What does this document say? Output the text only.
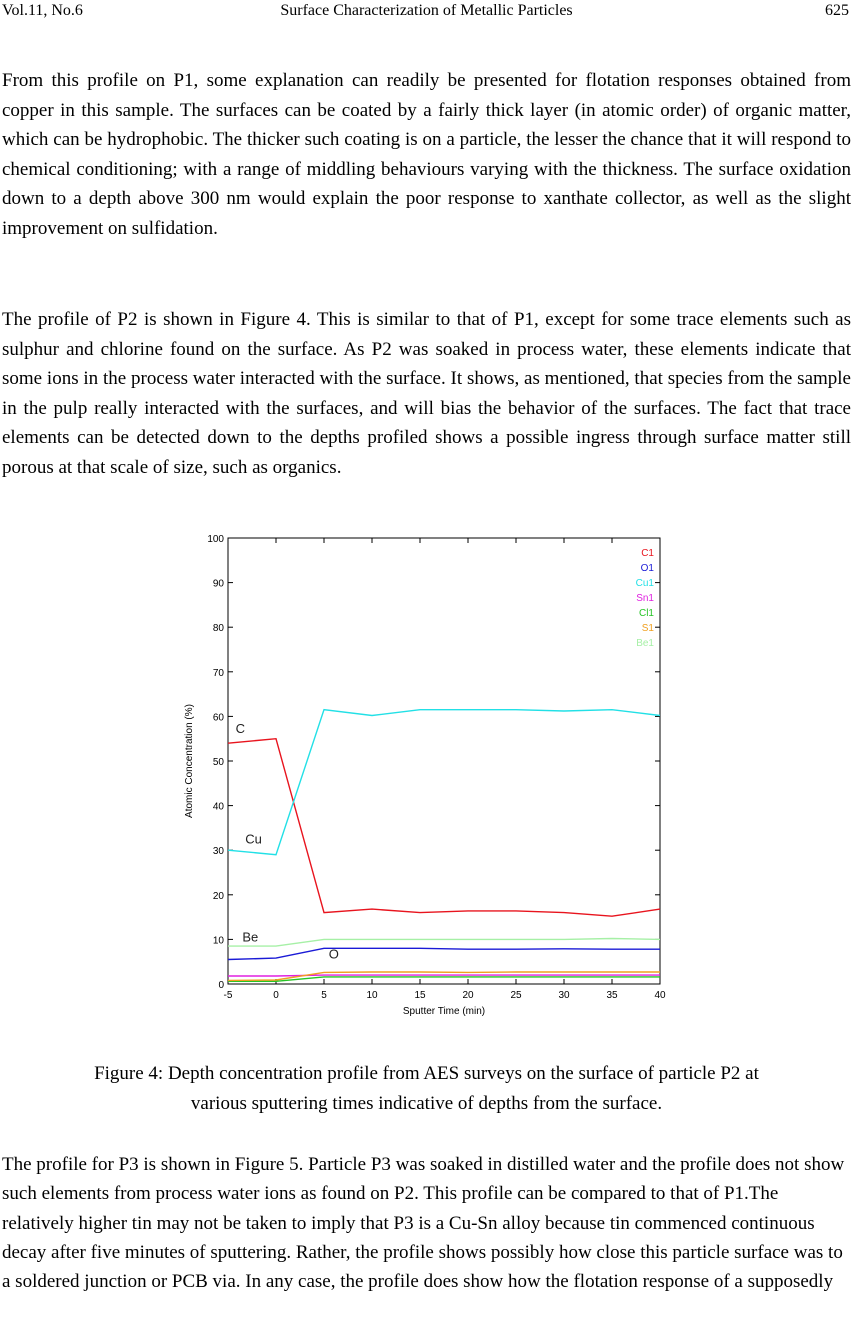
Vol.11, No.6	Surface Characterization of Metallic Particles	625

From this profile on P1, some explanation can readily be presented for flotation responses obtained from copper in this sample. The surfaces can be coated by a fairly thick layer (in atomic order) of organic matter, which can be hydrophobic. The thicker such coating is on a particle, the lesser the chance that it will respond to chemical conditioning; with a range of middling behaviours varying with the thickness. The surface oxidation down to a depth above 300 nm would explain the poor response to xanthate collector, as well as the slight improvement on sulfidation.

The profile of P2 is shown in Figure 4. This is similar to that of P1, except for some trace elements such as sulphur and chlorine found on the surface. As P2 was soaked in process water, these elements indicate that some ions in the process water interacted with the surface. It shows, as mentioned, that species from the sample in the pulp really interacted with the surfaces, and will bias the behavior of the surfaces. The fact that trace elements can be detected down to the depths profiled shows a possible ingress through surface matter still porous at that scale of size, such as organics.

0
10
20
30
40
50
60
70
80
90
100
-5	0	5	10	15	20	25	30	35	40
Sputter Time (min)
Atomic Concentration (%)
C1
O1
Cu1
Sn1
Cl1
S1
Be1
C
Cu
Be
O

Figure 4: Depth concentration profile from AES surveys on the surface of particle P2 at
various sputtering times indicative of depths from the surface.

The profile for P3 is shown in Figure 5. Particle P3 was soaked in distilled water and the profile does not show such elements from process water ions as found on P2. This profile can be compared to that of P1.The relatively higher tin may not be taken to imply that P3 is a Cu-Sn alloy because tin commenced continuous decay after five minutes of sputtering. Rather, the profile shows possibly how close this particle surface was to a soldered junction or PCB via. In any case, the profile does show how the flotation response of a supposedly
